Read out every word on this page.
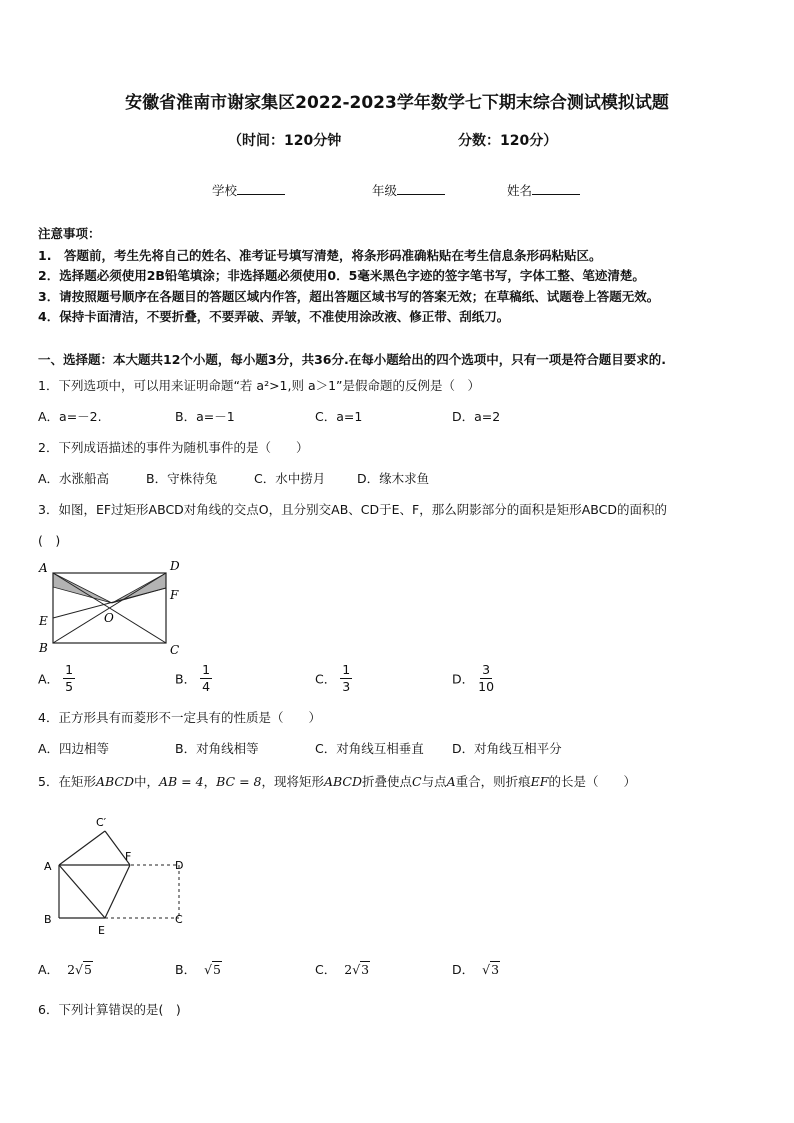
安徽省淮南市谢家集区2022-2023学年数学七下期末综合测试模拟试题
（时间：120分钟	分数：120分）
学校	年级	姓名
注意事项：
1.　答题前，考生先将自己的姓名、准考证号填写清楚，将条形码准确粘贴在考生信息条形码粘贴区。
2．选择题必须使用2B铅笔填涂；非选择题必须使用0．5毫米黑色字迹的签字笔书写，字体工整、笔迹清楚。
3．请按照题号顺序在各题目的答题区域内作答，超出答题区域书写的答案无效；在草稿纸、试题卷上答题无效。
4．保持卡面清洁，不要折叠，不要弄破、弄皱，不准使用涂改液、修正带、刮纸刀。
一、选择题：本大题共12个小题，每小题3分，共36分.在每小题给出的四个选项中，只有一项是符合题目要求的.
1．下列选项中，可以用来证明命题“若 a²>1,则 a＞1”是假命题的反例是（　）
A．a=－2.	B．a=－1	C．a=1	D．a=2
2．下列成语描述的事件为随机事件的是（　　）
A．水涨船高	B．守株待兔	C．水中捞月	D．缘木求鱼
3．如图，EF过矩形ABCD对角线的交点O，且分别交AB、CD于E、F，那么阴影部分的面积是矩形ABCD的面积的
(　)
A
B	C
D
E
F
O
A． $\frac{1}{5}$	B． $\frac{1}{4}$	C． $\frac{1}{3}$	D． $\frac{3}{10}$
4．正方形具有而菱形不一定具有的性质是（　　）
A．四边相等	B．对角线相等	C．对角线互相垂直 D．对角线互相平分
5．在矩形ABCD中，AB = 4，BC = 8，现将矩形ABCD折叠使点C与点A重合，则折痕EF的长是（　　）
A
B	C
D
E
F
C′
A． 2√5	B． √5	C． 2√3	D． √3
6．下列计算错误的是(　)
